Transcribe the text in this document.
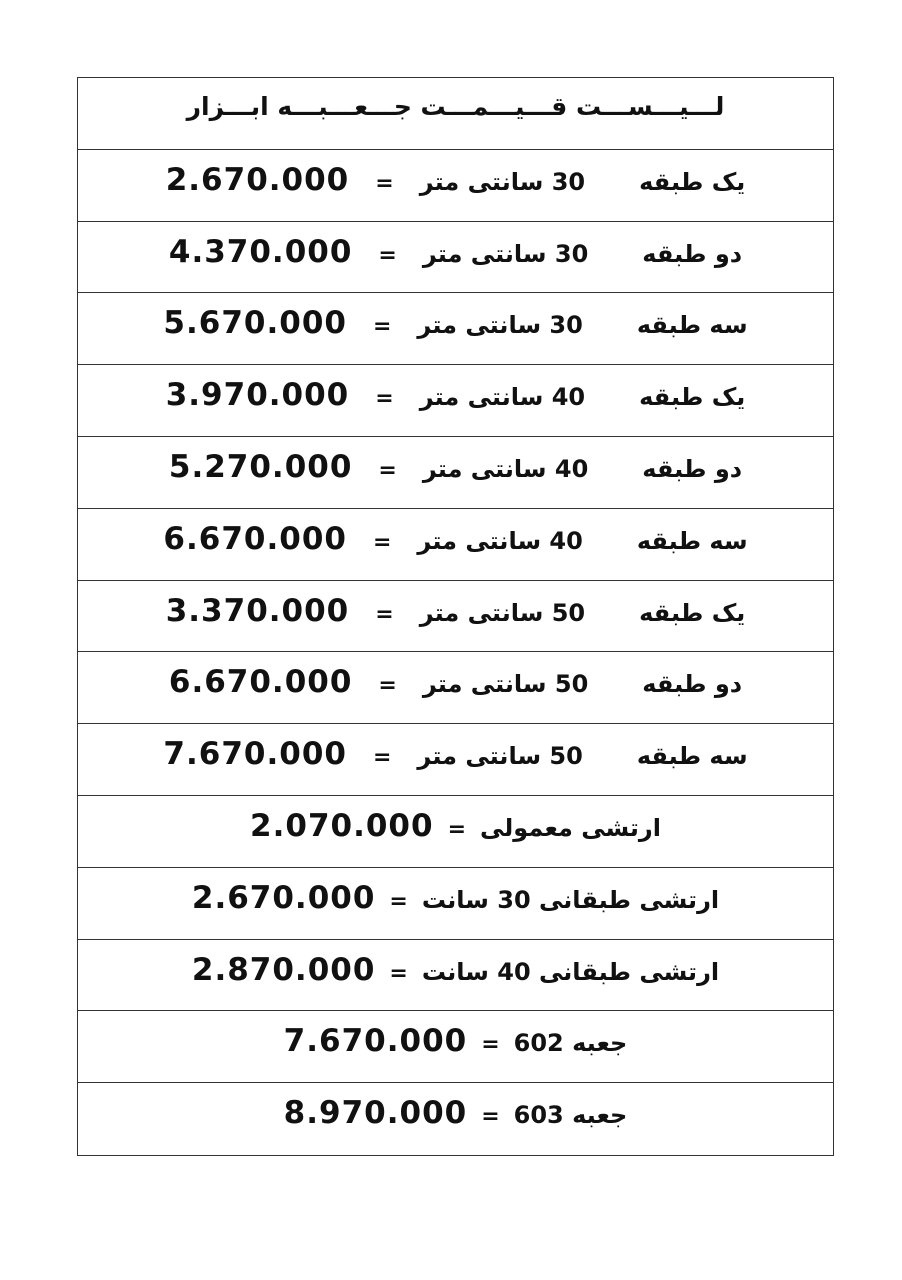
لـــیـــســـت قـــیـــمـــت جـــعـــبـــه ابـــزار
2.670.000 =	30 سانتی متر	یک طبقه
4.370.000 =	30 سانتی متر	دو طبقه
5.670.000 =	30 سانتی متر	سه طبقه
3.970.000 =	40 سانتی متر	یک طبقه
5.270.000 =	40 سانتی متر	دو طبقه
6.670.000 =	40 سانتی متر	سه طبقه
3.370.000 =	50 سانتی متر	یک طبقه
6.670.000 =	50 سانتی متر	دو طبقه
7.670.000 =	50 سانتی متر	سه طبقه
2.070.000 = ارتشی معمولی
2.670.000 = ارتشی طبقانی 30 سانت
2.870.000 = ارتشی طبقانی 40 سانت
7.670.000 = جعبه 602
8.970.000 = جعبه 603
